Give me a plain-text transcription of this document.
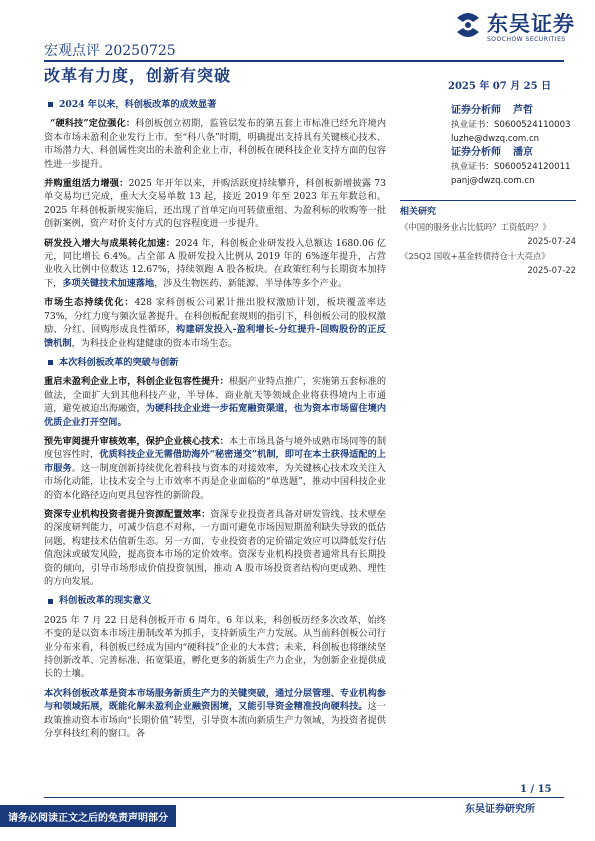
东吴证券
SOOCHOW SECURITIES
宏观点评 20250725
改革有力度，创新有突破
2025 年 07 月 25 日
2024 年以来，科创板改革的成效显著

“硬科技”定位强化：科创板创立初期，监管层发布的第五套上市标准已经允许境内资本市场未盈利企业发行上市。至“科八条”时期，明确提出支持具有关键核心技术、市场潜力大、科创属性突出的未盈利企业上市，科创板在硬科技企业支持方面的包容性进一步提升。

并购重组活力增强：2025 年开年以来，并购活跃度持续攀升，科创板新增披露 73 单交易均已完成，重大大交易单数 13 起，接近 2019 年至 2023 年五年数总和。2025 年科创板新规实施后，还出现了首单定向可转债重组、为盈利标的收购等一批创新案例，资产对价支付方式的包容程度进一步提升。

研发投入增大与成果转化加速：2024 年，科创板企业研发投入总额达 1680.06 亿元，同比增长 6.4%。占全部 A 股研发投入比例从 2019 年的 6%逐年提升，占营业收入比例中位数达 12.67%，持续领跑 A 股各板块。在政策红利与长期资本加持下，多项关键技术加速落地，涉及生物医药、新能源、半导体等多个产业。

市场生态持续优化：428 家科创板公司累计推出股权激励计划，板块覆盖率达 73%，分红力度与频次显著提升。在科创板配套规则的指引下，科创板公司的股权激励、分红、回购形成良性循环，构建研发投入-盈利增长-分红提升-回购股份的正反馈机制，为科技企业构建健康的资本市场生态。

本次科创板改革的突破与创新

重启未盈利企业上市，科创企业包容性提升：根据产业特点推广，实施第五套标准的做法，全面扩大到其他科技产业，半导体、商业航天等领域企业将获得境内上市通道，避免被迫出海融资，为硬科技企业进一步拓宽融资渠道，也为资本市场留住境内优质企业打开空间。

预先审阅提升审核效率，保护企业核心技术：本土市场具备与境外成熟市场同等的制度包容性时，优质科技企业无需借助海外“秘密递交”机制，即可在本土获得适配的上市服务。这一制度创新持续优化着科技与资本的对接效率，为关键核心技术攻关注入市场化动能，让技术安全与上市效率不再是企业面临的“单选题”，推动中国科技企业的资本化路径迈向更具包容性的新阶段。

资深专业机构投资者提升资源配置效率：资深专业投资者具备对研发管线、技术壁垒的深度研判能力，可减少信息不对称，一方面可避免市场因短期盈利缺失导致的低估问题，构建技术估值新生态。另一方面，专业投资者的定价锚定效应可以降低发行估值泡沫或破发风险，提高资本市场的定价效率。资深专业机构投资者通常具有长期投资的倾向，引导市场形成价值投资氛围，推动 A 股市场投资者结构向更成熟、理性的方向发展。

科创板改革的现实意义

2025 年 7 月 22 日是科创板开市 6 周年。6 年以来，科创板历经多次改革，始终不变的是以资本市场注册制改革为抓手，支持新质生产力发展。从当前科创板公司行业分布来看，科创板已经成为国内“硬科技”企业的大本营；未来，科创板也将继续坚持创新改革、完善标准、拓宽渠道，孵化更多的新质生产力企业，为创新企业提供成长的土壤。

本次科创板改革是资本市场服务新质生产力的关键突破，通过分层管理、专业机构参与和领域拓展，既能化解未盈利企业融资困境，又能引导资金精准投向硬科技。这一政策推动资本市场向“长期价值”转型，引导资本流向新质生产力领域，为投资者提供分享科技红利的窗口。各

证券分析师 芦哲
执业证书：S0600524110003
luzhe@dwzq.com.cn
证券分析师 潘京
执业证书：S0600524120011
panj@dwzq.com.cn
相关研究
《中国的服务业占比低吗？工资低吗？》
2025-07-24
《25Q2 国收+基金转债持仓十大亮点》
2025-07-22
1 / 15
东吴证券研究所
请务必阅读正文之后的免责声明部分
